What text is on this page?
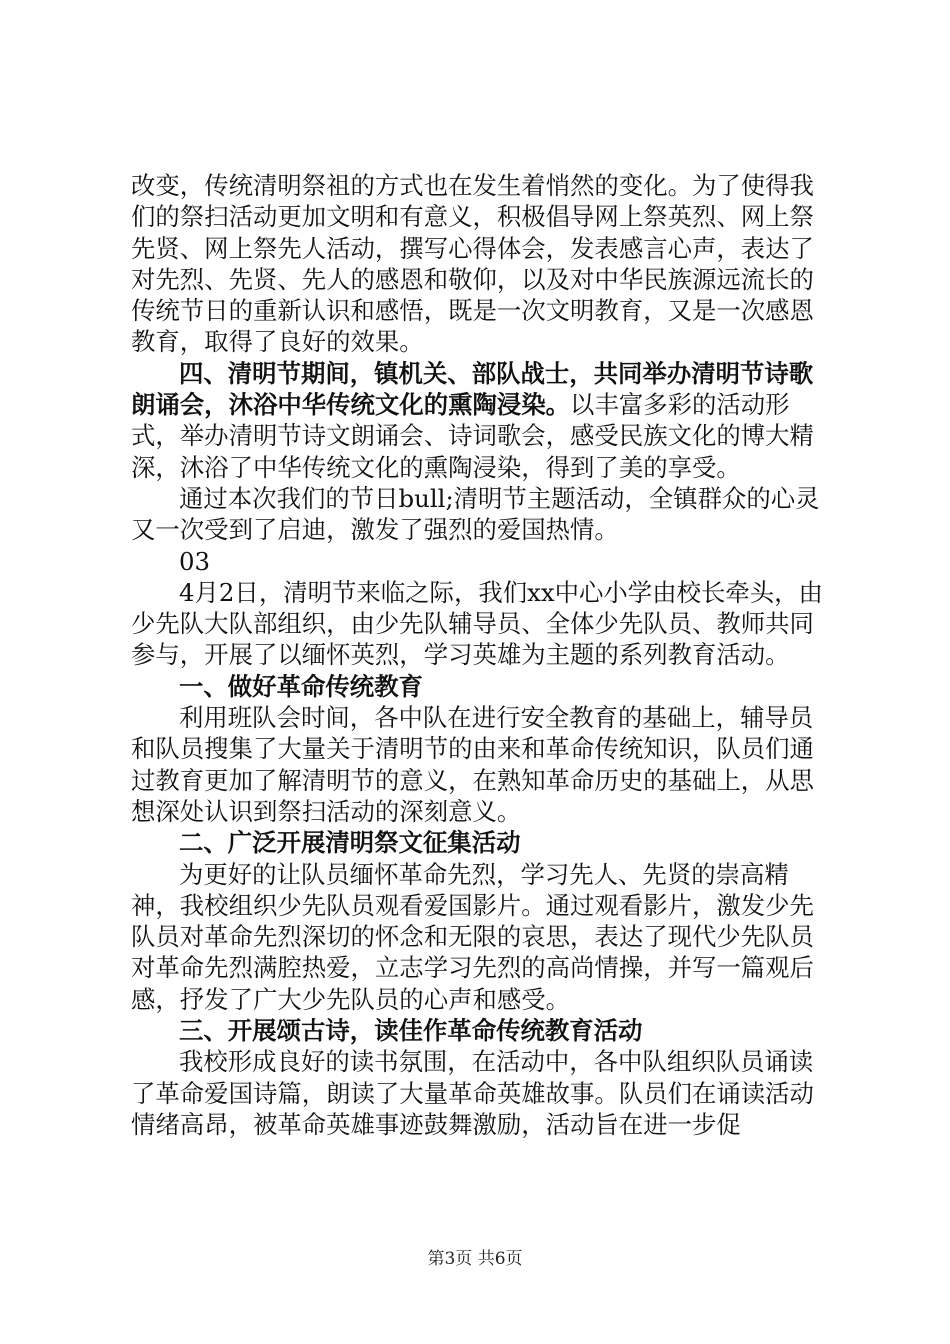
改变，传统清明祭祖的方式也在发生着悄然的变化。为了使得我们的祭扫活动更加文明和有意义，积极倡导网上祭英烈、网上祭先贤、网上祭先人活动，撰写心得体会，发表感言心声，表达了对先烈、先贤、先人的感恩和敬仰，以及对中华民族源远流长的传统节日的重新认识和感悟，既是一次文明教育，又是一次感恩教育，取得了良好的效果。

四、清明节期间，镇机关、部队战士，共同举办清明节诗歌朗诵会，沐浴中华传统文化的熏陶浸染。以丰富多彩的活动形式，举办清明节诗文朗诵会、诗词歌会，感受民族文化的博大精深，沐浴了中华传统文化的熏陶浸染，得到了美的享受。

通过本次我们的节日bull;清明节主题活动，全镇群众的心灵又一次受到了启迪，激发了强烈的爱国热情。

03

4月2日，清明节来临之际，我们xx中心小学由校长牵头，由少先队大队部组织，由少先队辅导员、全体少先队员、教师共同参与，开展了以缅怀英烈，学习英雄为主题的系列教育活动。

一、做好革命传统教育

利用班队会时间，各中队在进行安全教育的基础上，辅导员和队员搜集了大量关于清明节的由来和革命传统知识，队员们通过教育更加了解清明节的意义，在熟知革命历史的基础上，从思想深处认识到祭扫活动的深刻意义。

二、广泛开展清明祭文征集活动

为更好的让队员缅怀革命先烈，学习先人、先贤的崇高精神，我校组织少先队员观看爱国影片。通过观看影片，激发少先队员对革命先烈深切的怀念和无限的哀思，表达了现代少先队员对革命先烈满腔热爱，立志学习先烈的高尚情操，并写一篇观后感，抒发了广大少先队员的心声和感受。

三、开展颂古诗，读佳作革命传统教育活动

我校形成良好的读书氛围，在活动中，各中队组织队员诵读了革命爱国诗篇，朗读了大量革命英雄故事。队员们在诵读活动情绪高昂，被革命英雄事迹鼓舞激励，活动旨在进一步促

第3页 共6页
